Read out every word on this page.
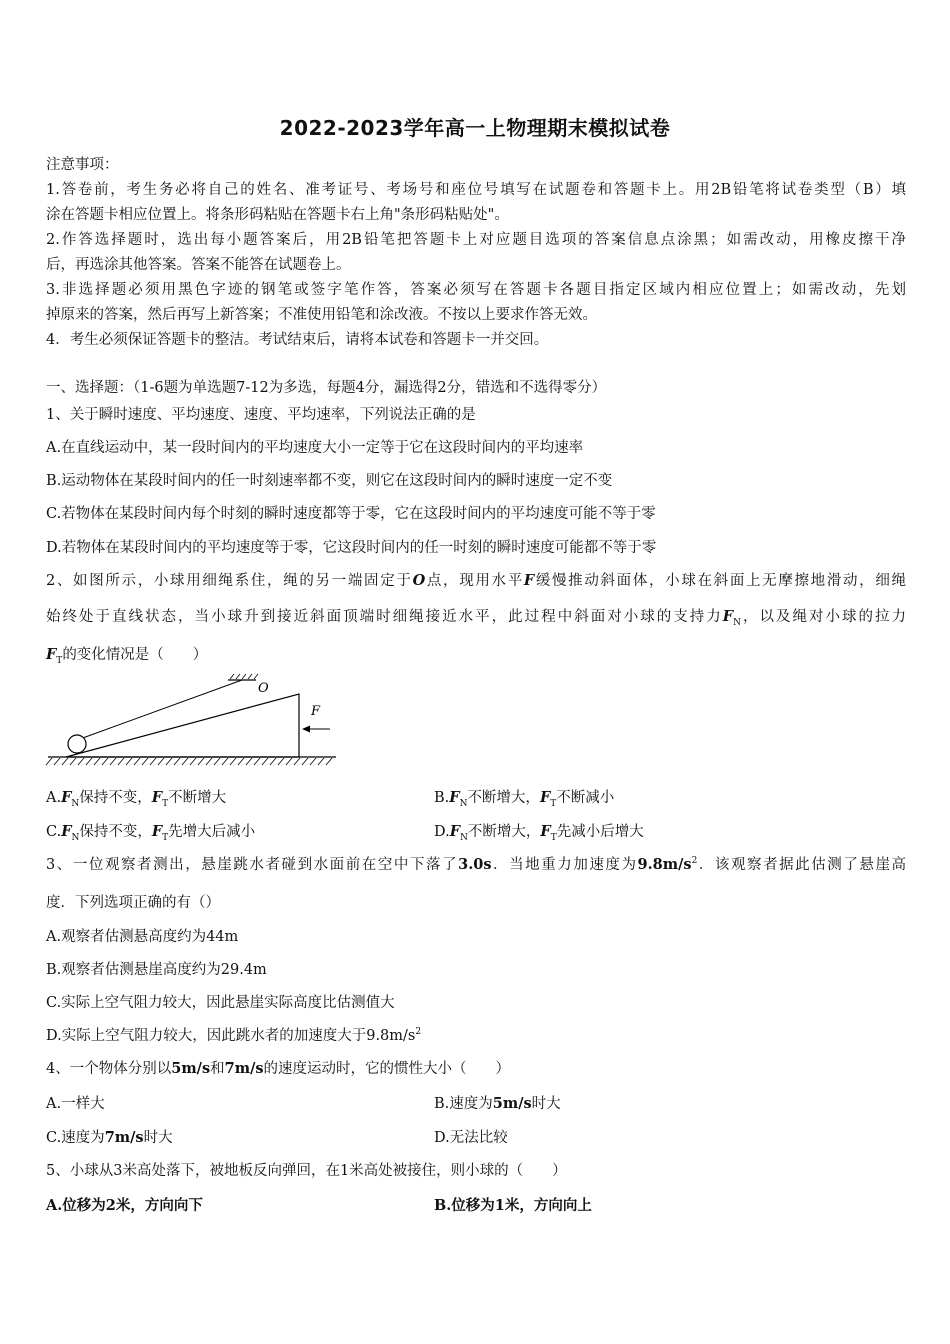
2022-2023学年高一上物理期末模拟试卷
注意事项：
1.答卷前，考生务必将自己的姓名、准考证号、考场号和座位号填写在试题卷和答题卡上。用2B铅笔将试卷类型（B）填
涂在答题卡相应位置上。将条形码粘贴在答题卡右上角"条形码粘贴处"。
2.作答选择题时，选出每小题答案后，用2B铅笔把答题卡上对应题目选项的答案信息点涂黑；如需改动，用橡皮擦干净
后，再选涂其他答案。答案不能答在试题卷上。
3.非选择题必须用黑色字迹的钢笔或签字笔作答，答案必须写在答题卡各题目指定区域内相应位置上；如需改动，先划
掉原来的答案，然后再写上新答案；不准使用铅笔和涂改液。不按以上要求作答无效。
4．考生必须保证答题卡的整洁。考试结束后，请将本试卷和答题卡一并交回。
一、选择题：（1-6题为单选题7-12为多选，每题4分，漏选得2分，错选和不选得零分）
1、关于瞬时速度、平均速度、速度、平均速率，下列说法正确的是
A.在直线运动中，某一段时间内的平均速度大小一定等于它在这段时间内的平均速率
B.运动物体在某段时间内的任一时刻速率都不变，则它在这段时间内的瞬时速度一定不变
C.若物体在某段时间内每个时刻的瞬时速度都等于零，它在这段时间内的平均速度可能不等于零
D.若物体在某段时间内的平均速度等于零，它这段时间内的任一时刻的瞬时速度可能都不等于零
2、如图所示，小球用细绳系住，绳的另一端固定于O点，现用水平F缓慢推动斜面体，小球在斜面上无摩擦地滑动，细绳
始终处于直线状态，当小球升到接近斜面顶端时细绳接近水平，此过程中斜面对小球的支持力$F_N$，以及绳对小球的拉力
$F_T$的变化情况是（　　）
O
F
$A.F_N$保持不变，$F_T$不断增大	$B.F_N$不断增大，$F_T$不断减小
$C.F_N$保持不变，$F_T$先增大后减小	$D.F_N$不断增大，$F_T$先减小后增大
3、一位观察者测出，悬崖跳水者碰到水面前在空中下落了3.0s．当地重力加速度为$9.8m/s^2$．该观察者据此估测了悬崖高
度．下列选项正确的有（）
A.观察者估测悬高度约为44m
B.观察者估测悬崖高度约为29.4m
C.实际上空气阻力较大，因此悬崖实际高度比估测值大
D.实际上空气阻力较大，因此跳水者的加速度大于$9.8m/s^2$
4、一个物体分别以5m/s和7m/s的速度运动时，它的惯性大小（　　）
A.一样大	B.速度为5m/s时大
C.速度为7m/s时大	D.无法比较
5、小球从3米高处落下，被地板反向弹回，在1米高处被接住，则小球的（　　）
A.位移为2米，方向向下	B.位移为1米，方向向上
